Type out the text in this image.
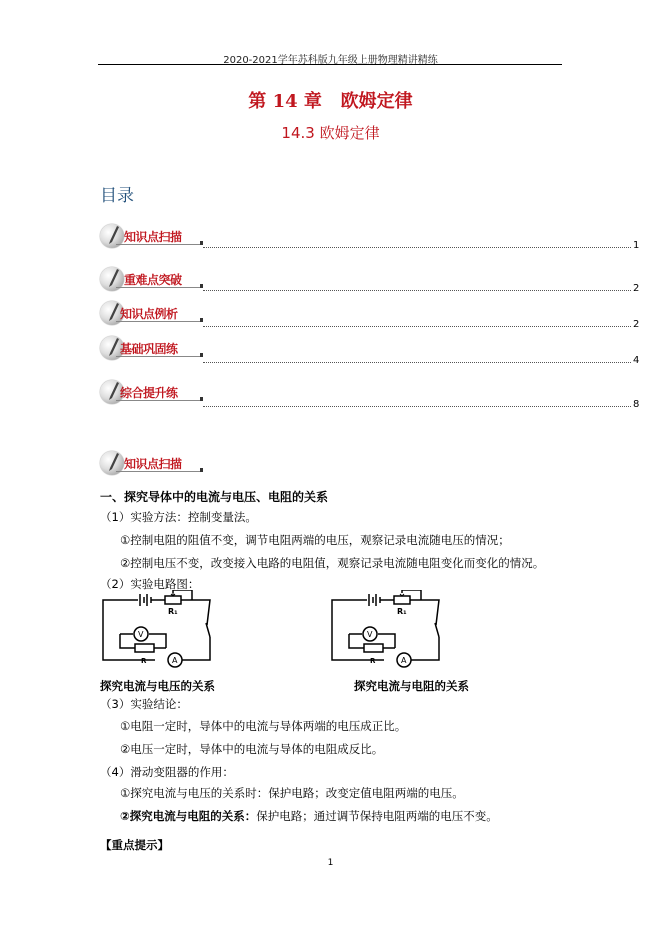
2020-2021学年苏科版九年级上册物理精讲精练
第 14 章   欧姆定律
14.3 欧姆定律
目录
知识点扫描
1
重难点突破
2
知识点例析
2
基础巩固练
4
综合提升练
8
知识点扫描
一、探究导体中的电流与电压、电阻的关系
（1）实验方法：控制变量法。
①控制电阻的阻值不变，调节电阻两端的电压，观察记录电流随电压的情况；
②控制电压不变，改变接入电路的电阻值，观察记录电流随电阻变化而变化的情况。
（2）实验电路图：
R₁
V
R	A
R₁
V
R	A
探究电流与电压的关系	探究电流与电阻的关系
（3）实验结论：
①电阻一定时，导体中的电流与导体两端的电压成正比。
②电压一定时，导体中的电流与导体的电阻成反比。
（4）滑动变阻器的作用：
①探究电流与电压的关系时：保护电路；改变定值电阻两端的电压。
②探究电流与电阻的关系：保护电路；通过调节保持电阻两端的电压不变。
【重点提示】
1
